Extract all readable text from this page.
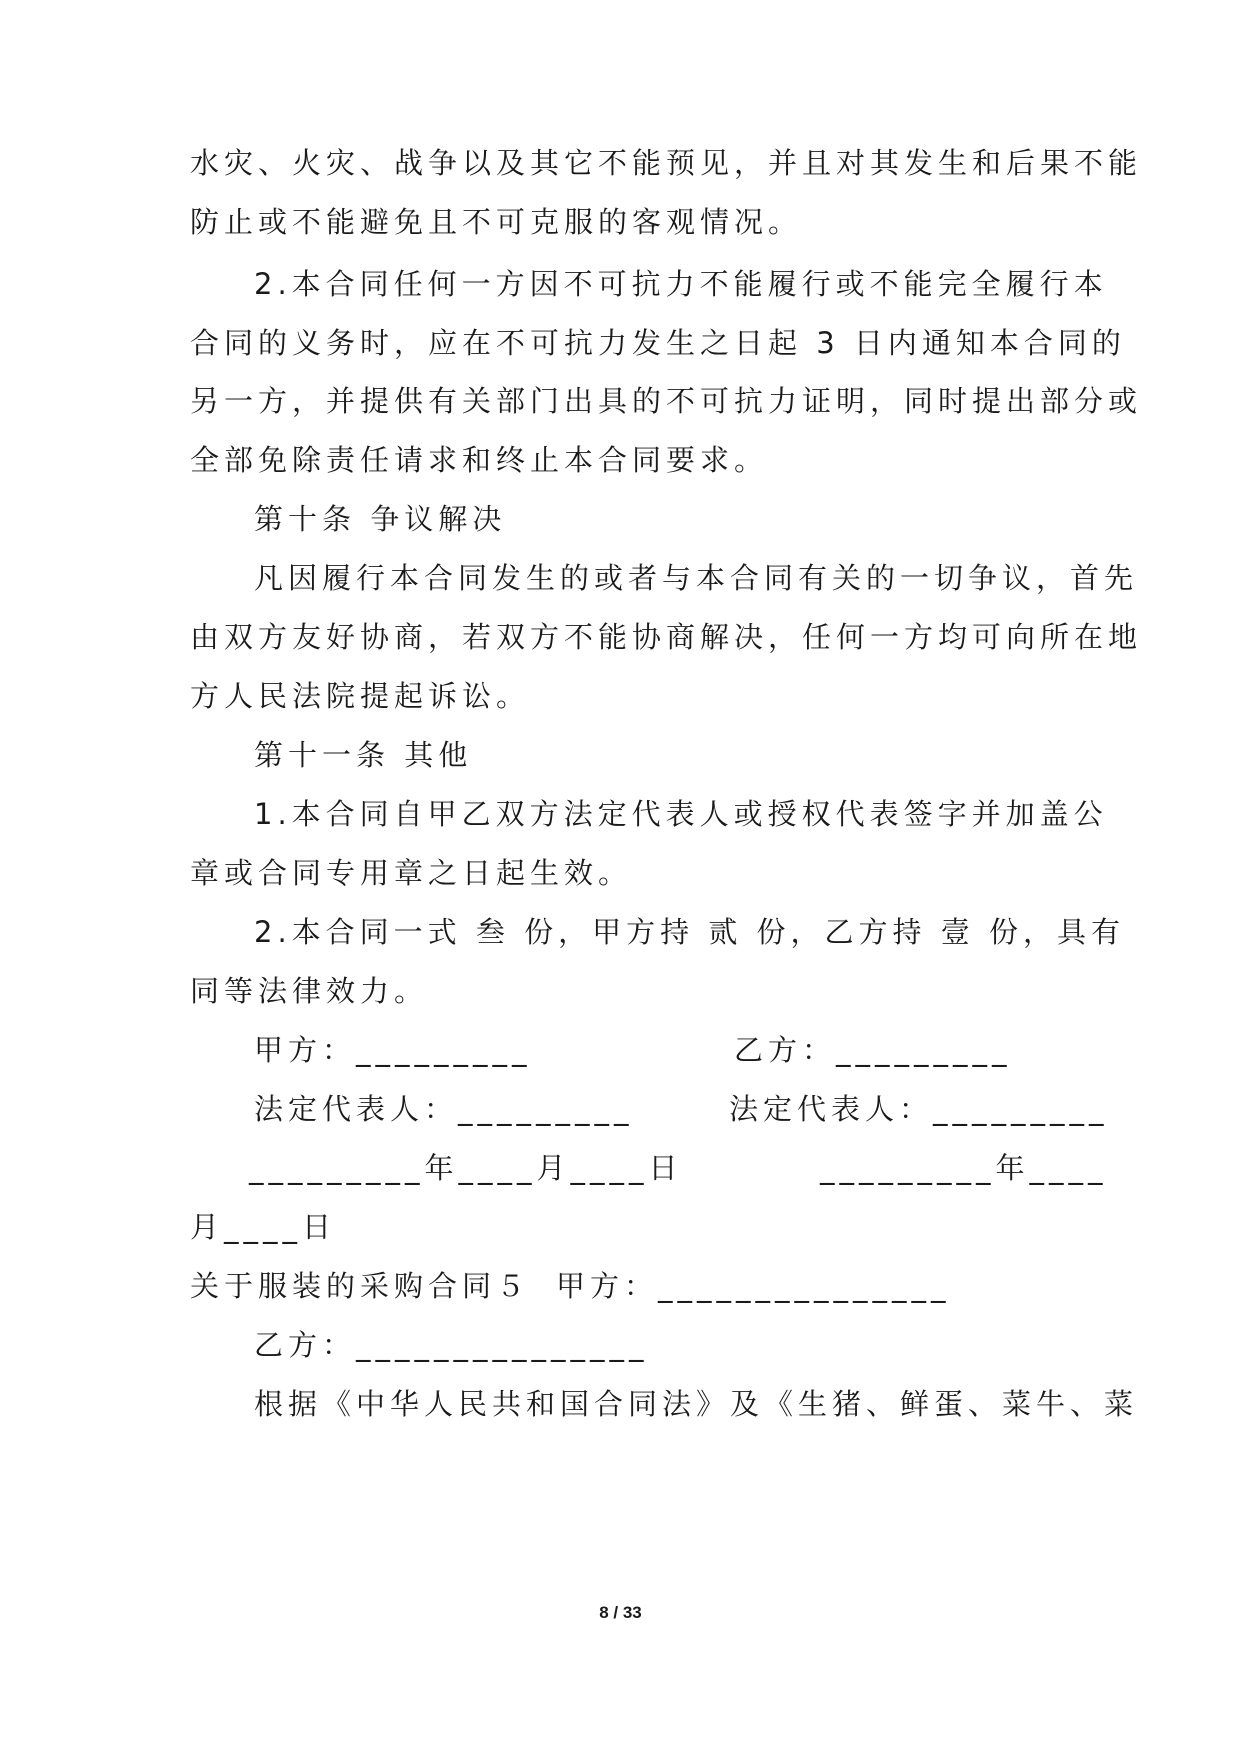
水灾、火灾、战争以及其它不能预见，并且对其发生和后果不能
防止或不能避免且不可克服的客观情况。
2.本合同任何一方因不可抗力不能履行或不能完全履行本
合同的义务时，应在不可抗力发生之日起 3 日内通知本合同的
另一方，并提供有关部门出具的不可抗力证明，同时提出部分或
全部免除责任请求和终止本合同要求。
第十条 争议解决
凡因履行本合同发生的或者与本合同有关的一切争议，首先
由双方友好协商，若双方不能协商解决，任何一方均可向所在地
方人民法院提起诉讼。
第十一条 其他
1.本合同自甲乙双方法定代表人或授权代表签字并加盖公
章或合同专用章之日起生效。
2.本合同一式 叁 份，甲方持 贰 份，乙方持 壹 份，具有
同等法律效力。
甲方：_________	乙方：_________
法定代表人：_________	法定代表人：_________
_________年____月____日	_________年____
月____日
关于服装的采购合同５ 甲方：_______________
乙方：_______________
根据《中华人民共和国合同法》及《生猪、鲜蛋、菜牛、菜
8 / 33
